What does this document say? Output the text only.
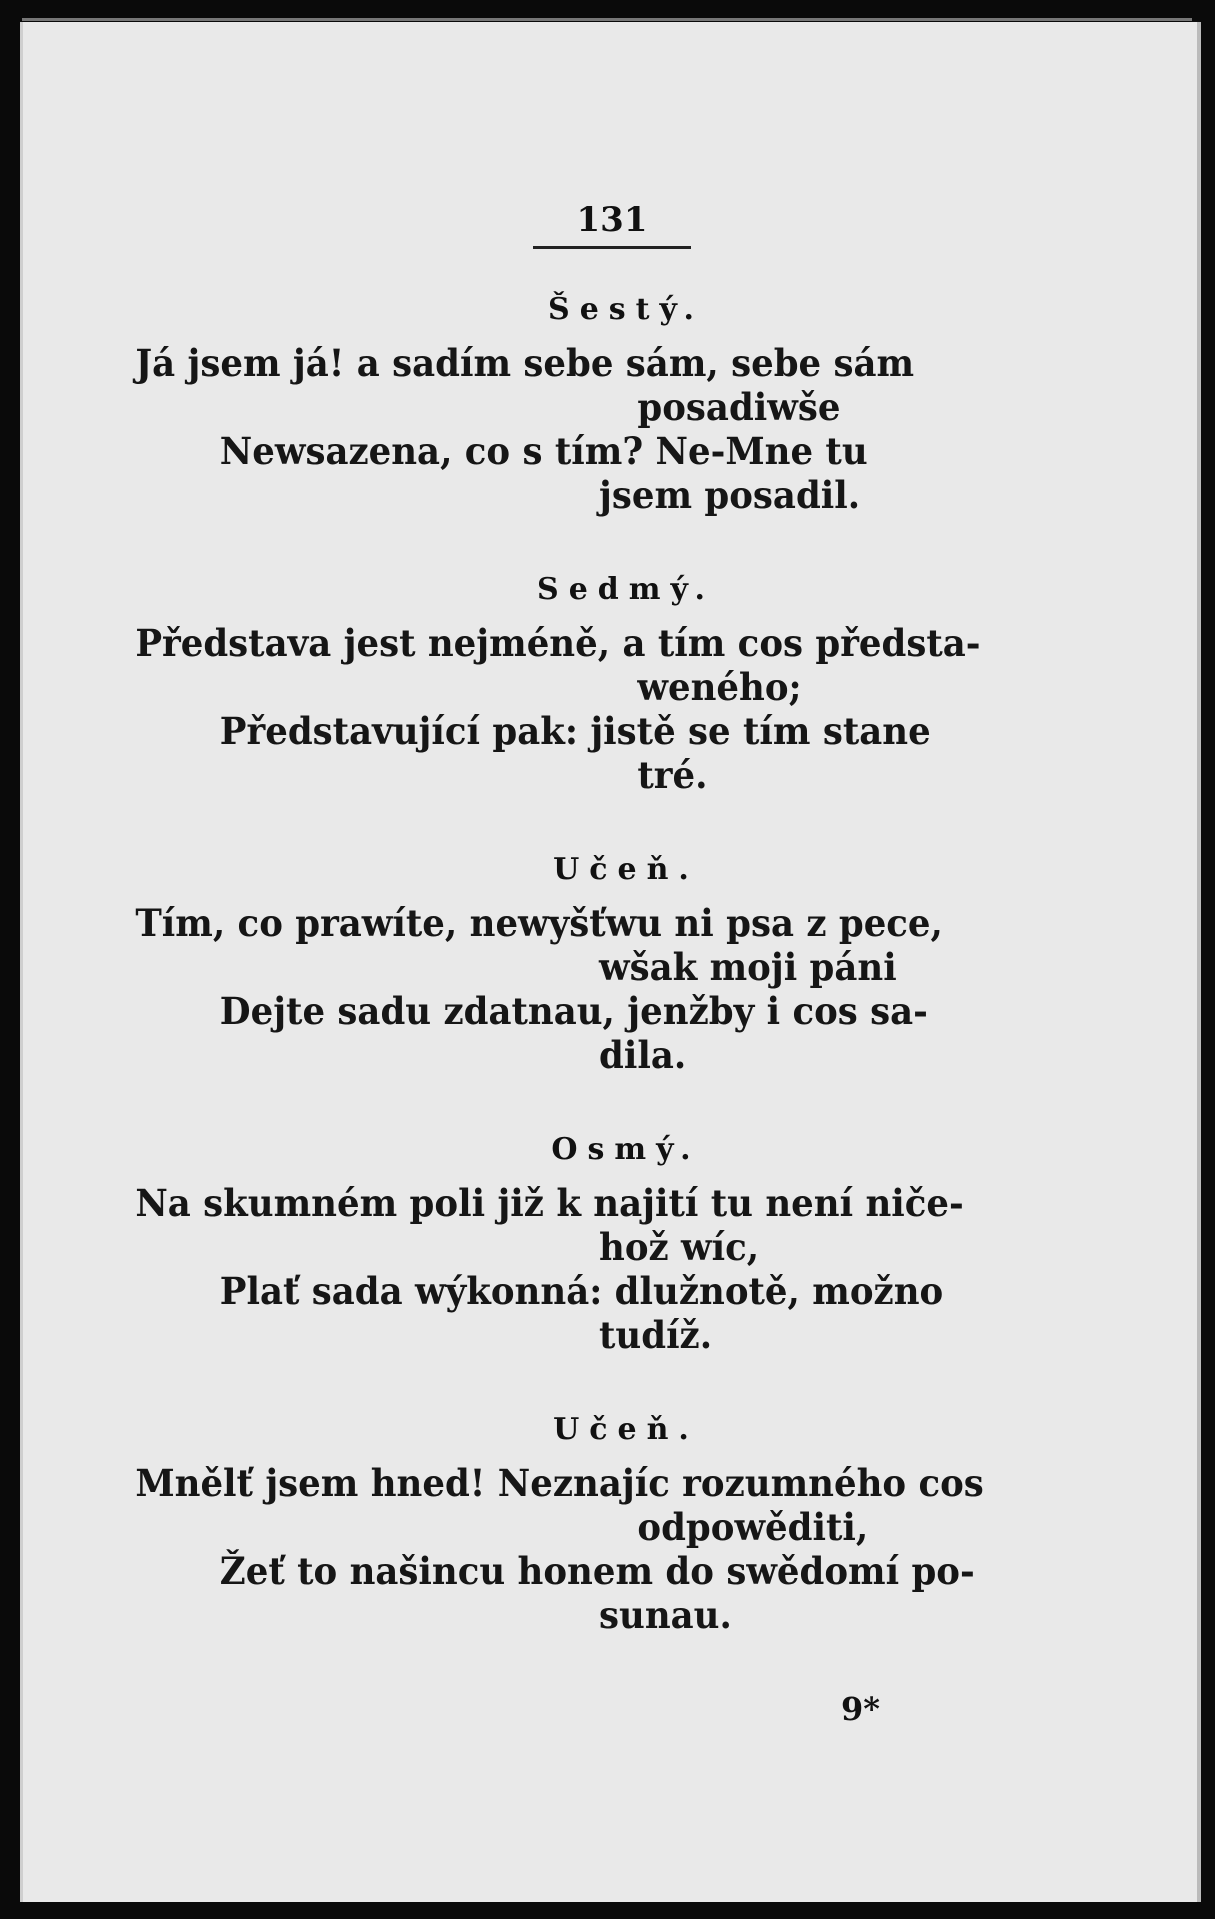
131
Šestý.
Já jsem já! a sadím sebe sám, sebe sám
posadiwše
Newsazena, co s tím? Ne-Mne tu
jsem posadil.
Sedmý.
Představa jest nejméně, a tím cos předsta-
weného;
Představující pak: jistě se tím stane
tré.
Učeň.
Tím, co prawíte, newyšťwu ni psa z pece,
wšak moji páni
Dejte sadu zdatnau, jenžby i cos sa-
dila.
Osmý.
Na skumném poli již k najití tu není niče-
hož wíc,
Plať sada wýkonná: dlužnotě, možno
tudíž.
Učeň.
Mnělť jsem hned! Neznajíc rozumného cos
odpowěditi,
Žeť to našincu honem do swědomí po-
sunau.
9*
